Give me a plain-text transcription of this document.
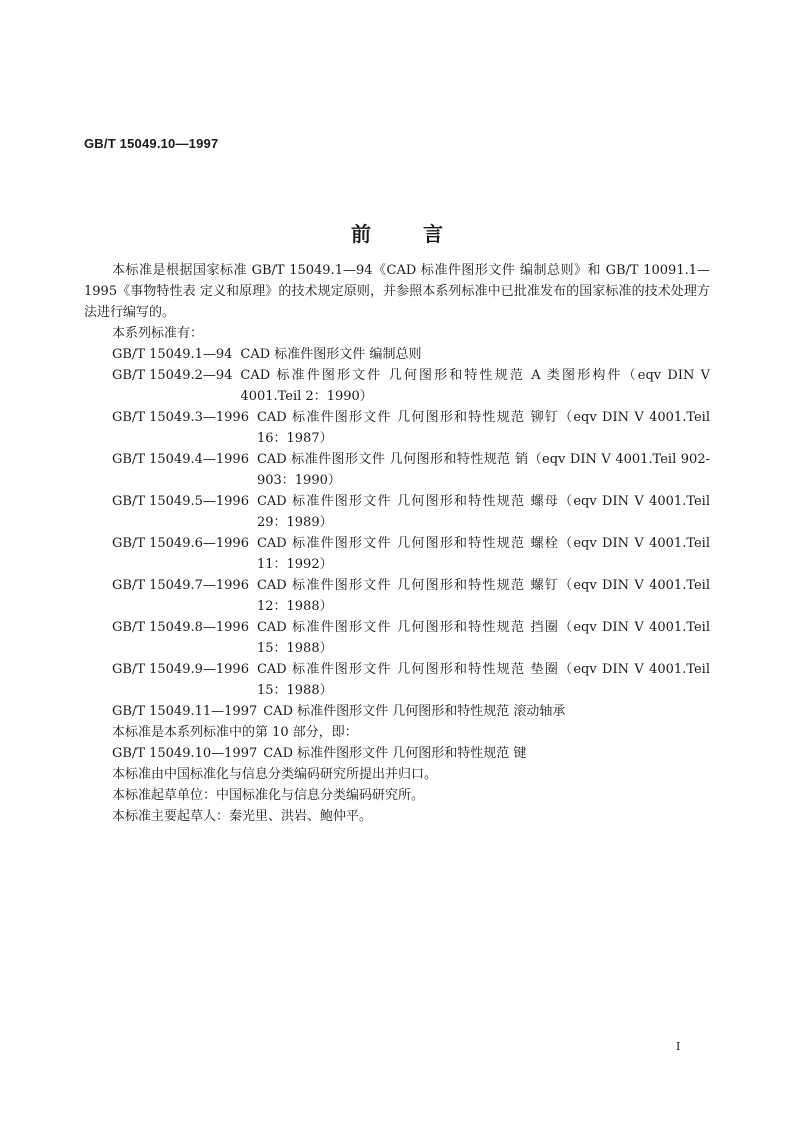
GB/T 15049.10—1997
前言

本标准是根据国家标准 GB/T 15049.1—94《CAD 标准件图形文件 编制总则》和 GB/T 10091.1—1995《事物特性表 定义和原理》的技术规定原则，并参照本系列标准中已批准发布的国家标准的技术处理方法进行编写的。

本系列标准有：

GB/T 15049.1—94 CAD 标准件图形文件 编制总则
GB/T 15049.2—94 CAD 标准件图形文件 几何图形和特性规范 A 类图形构件（eqv DIN V 4001.Teil 2：1990）
GB/T 15049.3—1996 CAD 标准件图形文件 几何图形和特性规范 铆钉（eqv DIN V 4001.Teil 16：1987）
GB/T 15049.4—1996 CAD 标准件图形文件 几何图形和特性规范 销（eqv DIN V 4001.Teil 902-903：1990）
GB/T 15049.5—1996 CAD 标准件图形文件 几何图形和特性规范 螺母（eqv DIN V 4001.Teil 29：1989）
GB/T 15049.6—1996 CAD 标准件图形文件 几何图形和特性规范 螺栓（eqv DIN V 4001.Teil 11：1992）
GB/T 15049.7—1996 CAD 标准件图形文件 几何图形和特性规范 螺钉（eqv DIN V 4001.Teil 12：1988）
GB/T 15049.8—1996 CAD 标准件图形文件 几何图形和特性规范 挡圈（eqv DIN V 4001.Teil 15：1988）
GB/T 15049.9—1996 CAD 标准件图形文件 几何图形和特性规范 垫圈（eqv DIN V 4001.Teil 15：1988）
GB/T 15049.11—1997 CAD 标准件图形文件 几何图形和特性规范 滚动轴承

本标准是本系列标准中的第 10 部分，即：

GB/T 15049.10—1997 CAD 标准件图形文件 几何图形和特性规范 键

本标准由中国标准化与信息分类编码研究所提出并归口。

本标准起草单位：中国标准化与信息分类编码研究所。

本标准主要起草人：秦光里、洪岩、鲍仲平。

I
